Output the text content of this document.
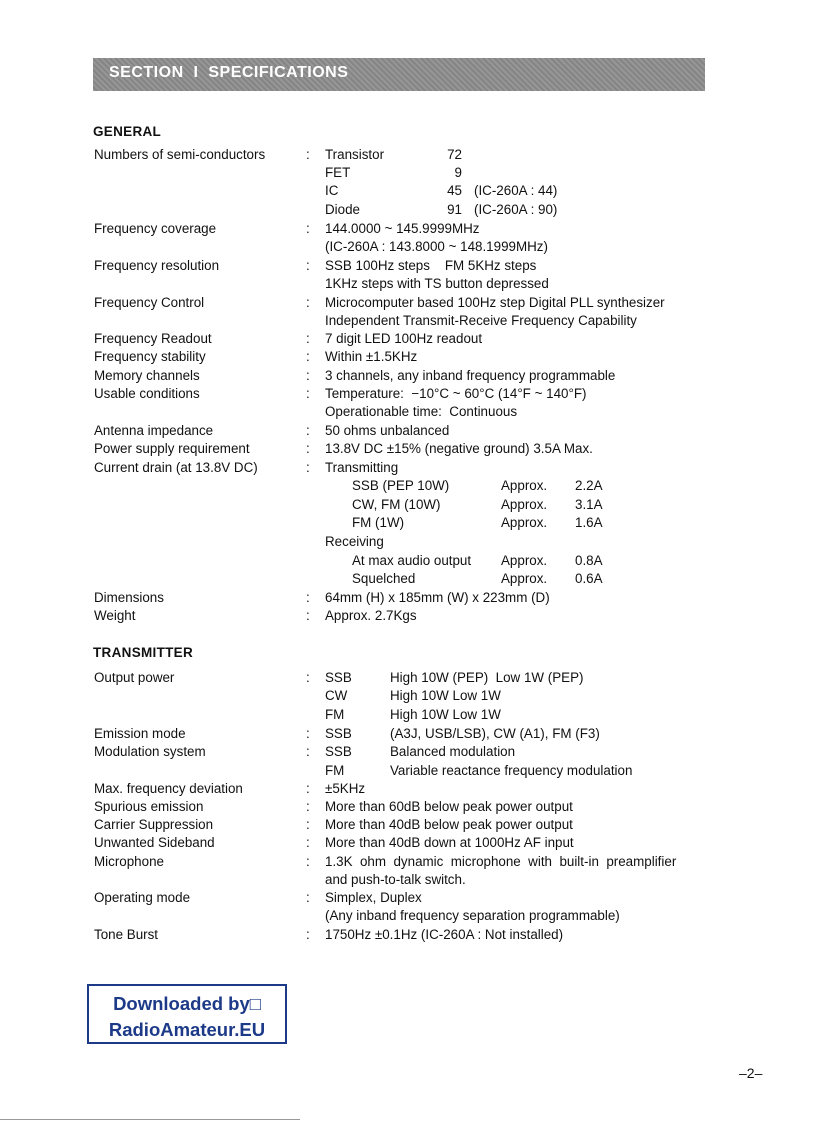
SECTION  I  SPECIFICATIONS
GENERAL
Numbers of semi-conductors	: Transistor	72
FET	9
IC	45 (IC-260A : 44)
Diode	91 (IC-260A : 90)
Frequency coverage	: 144.0000 ~ 145.9999MHz
(IC-260A : 143.8000 ~ 148.1999MHz)
Frequency resolution	: SSB 100Hz steps    FM 5KHz steps
1KHz steps with TS button depressed
Frequency Control	: Microcomputer based 100Hz step Digital PLL synthesizer
Independent Transmit-Receive Frequency Capability
Frequency Readout	: 7 digit LED 100Hz readout
Frequency stability	: Within ±1.5KHz
Memory channels	: 3 channels, any inband frequency programmable
Usable conditions	: Temperature:  −10°C ~ 60°C (14°F ~ 140°F)
Operationable time:  Continuous
Antenna impedance	: 50 ohms unbalanced
Power supply requirement	: 13.8V DC ±15% (negative ground) 3.5A Max.
Current drain (at 13.8V DC)	: Transmitting
SSB (PEP 10W)	Approx. 2.2A
CW, FM (10W)	Approx. 3.1A
FM (1W)	Approx. 1.6A
Receiving
At max audio output Approx. 0.8A
Squelched	Approx. 0.6A
Dimensions	: 64mm (H) x 185mm (W) x 223mm (D)
Weight	: Approx. 2.7Kgs
TRANSMITTER
Output power	: SSB	High 10W (PEP)  Low 1W (PEP)
CW	High 10W Low 1W
FM	High 10W Low 1W
Emission mode	: SSB	(A3J, USB/LSB), CW (A1), FM (F3)
Modulation system	: SSB	Balanced modulation
FM	Variable reactance frequency modulation
Max. frequency deviation	: ±5KHz
Spurious emission	: More than 60dB below peak power output
Carrier Suppression	: More than 40dB below peak power output
Unwanted Sideband	: More than 40dB down at 1000Hz AF input
Microphone	: 1.3K  ohm  dynamic  microphone  with  built-in  preamplifier
and push-to-talk switch.
Operating mode	: Simplex, Duplex
(Any inband frequency separation programmable)
Tone Burst	: 1750Hz ±0.1Hz (IC-260A : Not installed)
Downloaded by□
RadioAmateur.EU
–2–
